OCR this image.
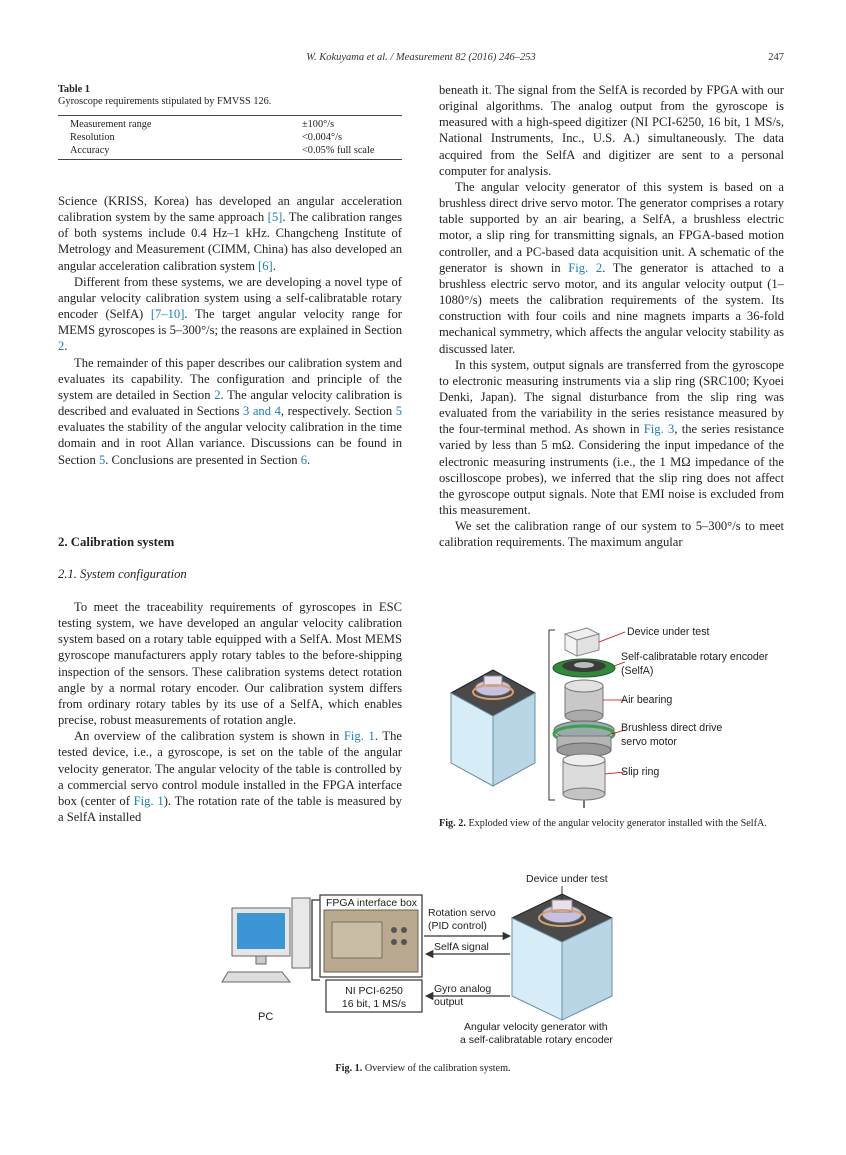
W. Kokuyama et al. / Measurement 82 (2016) 246–253	247
Table 1
Gyroscope requirements stipulated by FMVSS 126.
Measurement range	±100°/s
Resolution	<0.004°/s
Accuracy	<0.05% full scale

Science (KRISS, Korea) has developed an angular acceleration calibration system by the same approach [5]. The calibration ranges of both systems include 0.4 Hz–1 kHz. Changcheng Institute of Metrology and Measurement (CIMM, China) has also developed an angular acceleration calibration system [6].

Different from these systems, we are developing a novel type of angular velocity calibration system using a self-calibratable rotary encoder (SelfA) [7–10]. The target angular velocity range for MEMS gyroscopes is 5–300°/s; the reasons are explained in Section 2.

The remainder of this paper describes our calibration system and evaluates its capability. The configuration and principle of the system are detailed in Section 2. The angular velocity calibration is described and evaluated in Sections 3 and 4, respectively. Section 5 evaluates the stability of the angular velocity calibration in the time domain and in root Allan variance. Discussions can be found in Section 5. Conclusions are presented in Section 6.

2. Calibration system
2.1. System configuration

To meet the traceability requirements of gyroscopes in ESC testing system, we have developed an angular velocity calibration system based on a rotary table equipped with a SelfA. Most MEMS gyroscope manufacturers apply rotary tables to the before-shipping inspection of the sensors. These calibration systems detect rotation angle by a normal rotary encoder. Our calibration system differs from ordinary rotary tables by its use of a SelfA, which enables precise, robust measurements of rotation angle.

An overview of the calibration system is shown in Fig. 1. The tested device, i.e., a gyroscope, is set on the table of the angular velocity generator. The angular velocity of the table is controlled by a commercial servo control module installed in the FPGA interface box (center of Fig. 1). The rotation rate of the table is measured by a SelfA installed

beneath it. The signal from the SelfA is recorded by FPGA with our original algorithms. The analog output from the gyroscope is measured with a high-speed digitizer (NI PCI-6250, 16 bit, 1 MS/s, National Instruments, Inc., U.S. A.) simultaneously. The data acquired from the SelfA and digitizer are sent to a personal computer for analysis.

The angular velocity generator of this system is based on a brushless direct drive servo motor. The generator comprises a rotary table supported by an air bearing, a SelfA, a brushless electric motor, a slip ring for transmitting signals, an FPGA-based motion controller, and a PC-based data acquisition unit. A schematic of the generator is shown in Fig. 2. The generator is attached to a brushless electric servo motor, and its angular velocity output (1–1080°/s) meets the calibration requirements of the system. Its construction with four coils and nine magnets imparts a 36-fold mechanical symmetry, which affects the angular velocity stability as discussed later.

In this system, output signals are transferred from the gyroscope to electronic measuring instruments via a slip ring (SRC100; Kyoei Denki, Japan). The signal disturbance from the slip ring was evaluated from the variability in the series resistance measured by the four-terminal method. As shown in Fig. 3, the series resistance varied by less than 5 mΩ. Considering the input impedance of the electronic measuring instruments (i.e., the 1 MΩ impedance of the oscilloscope probes), we inferred that the slip ring does not affect the gyroscope output signals. Note that EMI noise is excluded from this measurement.

We set the calibration range of our system to 5–300°/s to meet calibration requirements. The maximum angular

Device under test
Self-calibratable rotary encoder
(SelfA)
Air bearing
Brushless direct drive
servo motor
Slip ring
Fig. 2. Exploded view of the angular velocity generator installed with the SelfA.
PC
FPGA interface box
NI PCI-6250
16 bit, 1 MS/s
Rotation servo
(PID control)
SelfA signal
Gyro analog
output
Device under test
Angular velocity generator with
a self-calibratable rotary encoder
Fig. 1. Overview of the calibration system.
